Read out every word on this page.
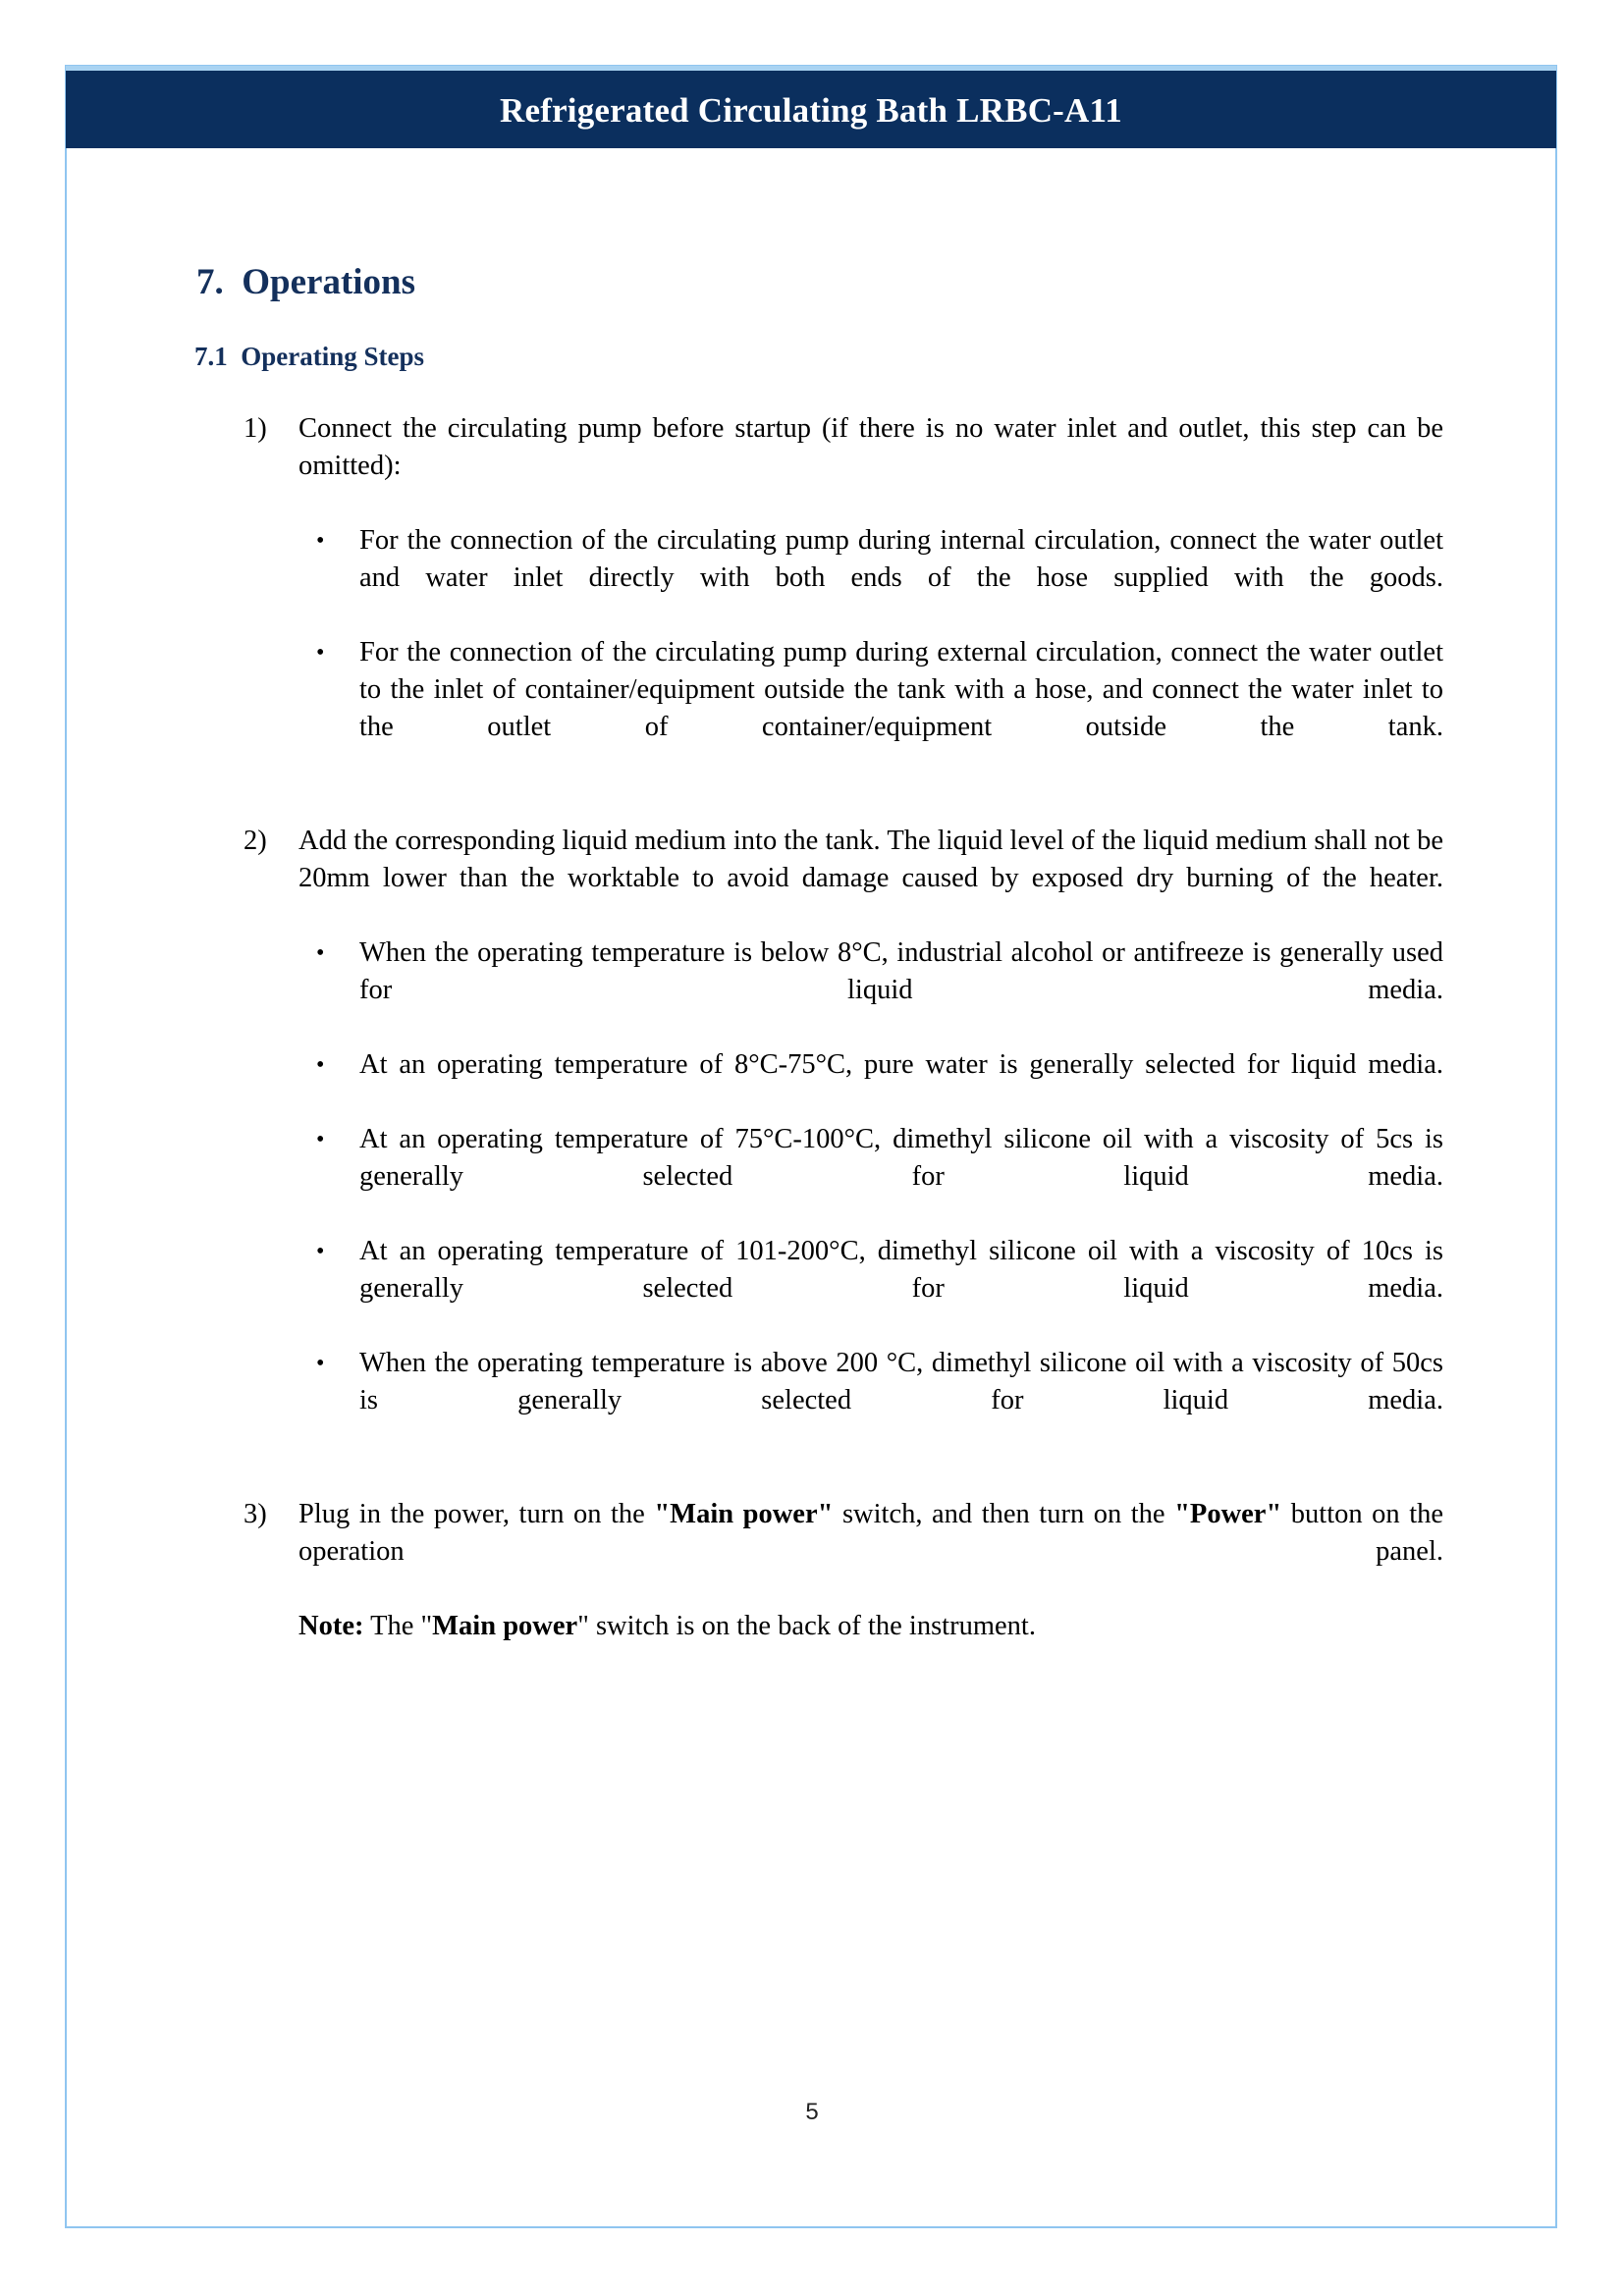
Refrigerated Circulating Bath LRBC-A11
7.  Operations
7.1  Operating Steps
1) Connect the circulating pump before startup (if there is no water inlet and outlet, this step can be omitted):
• For the connection of the circulating pump during internal circulation, connect the water outlet and water inlet directly with both ends of the hose supplied with the goods.
• For the connection of the circulating pump during external circulation, connect the water outlet to the inlet of container/equipment outside the tank with a hose, and connect the water inlet to the outlet of container/equipment outside the tank.
2) Add the corresponding liquid medium into the tank. The liquid level of the liquid medium shall not be 20mm lower than the worktable to avoid damage caused by exposed dry burning of the heater.
• When the operating temperature is below 8°C, industrial alcohol or antifreeze is generally used for liquid media.
• At an operating temperature of 8°C-75°C, pure water is generally selected for liquid media.
• At an operating temperature of 75°C-100°C, dimethyl silicone oil with a viscosity of 5cs is generally selected for liquid media.
• At an operating temperature of 101-200°C, dimethyl silicone oil with a viscosity of 10cs is generally selected for liquid media.
• When the operating temperature is above 200 °C, dimethyl silicone oil with a viscosity of 50cs is generally selected for liquid media.
3) Plug in the power, turn on the "Main power" switch, and then turn on the "Power" button on the operation panel.
Note: The "Main power" switch is on the back of the instrument.
5
